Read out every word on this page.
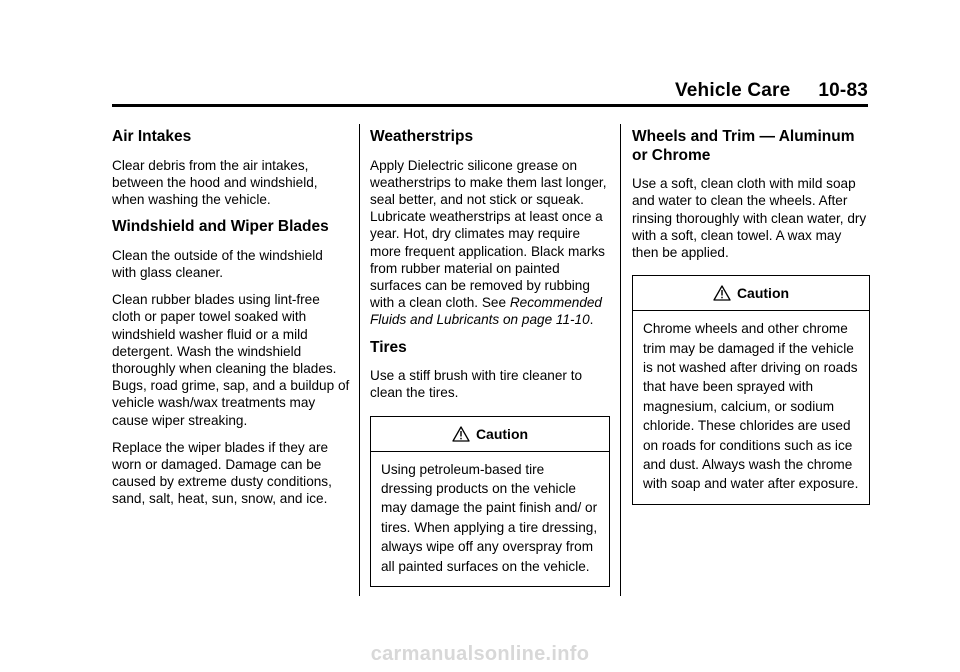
Vehicle Care 10-83
Air Intakes

Clear debris from the air intakes, between the hood and windshield, when washing the vehicle.

Windshield and Wiper Blades

Clean the outside of the windshield with glass cleaner.

Clean rubber blades using lint-free cloth or paper towel soaked with windshield washer fluid or a mild detergent. Wash the windshield thoroughly when cleaning the blades. Bugs, road grime, sap, and a buildup of vehicle wash/wax treatments may cause wiper streaking.

Replace the wiper blades if they are worn or damaged. Damage can be caused by extreme dusty conditions, sand, salt, heat, sun, snow, and ice.

Weatherstrips

Apply Dielectric silicone grease on weatherstrips to make them last longer, seal better, and not stick or squeak. Lubricate weatherstrips at least once a year. Hot, dry climates may require more frequent application. Black marks from rubber material on painted surfaces can be removed by rubbing with a clean cloth. See Recommended Fluids and Lubricants on page 11-10.

Tires

Use a stiff brush with tire cleaner to clean the tires.

Caution

Using petroleum-based tire dressing products on the vehicle may damage the paint finish and/ or tires. When applying a tire dressing, always wipe off any overspray from all painted surfaces on the vehicle.

Wheels and Trim — Aluminum or Chrome

Use a soft, clean cloth with mild soap and water to clean the wheels. After rinsing thoroughly with clean water, dry with a soft, clean towel. A wax may then be applied.

Caution

Chrome wheels and other chrome trim may be damaged if the vehicle is not washed after driving on roads that have been sprayed with magnesium, calcium, or sodium chloride. These chlorides are used on roads for conditions such as ice and dust. Always wash the chrome with soap and water after exposure.

carmanualsonline.info
